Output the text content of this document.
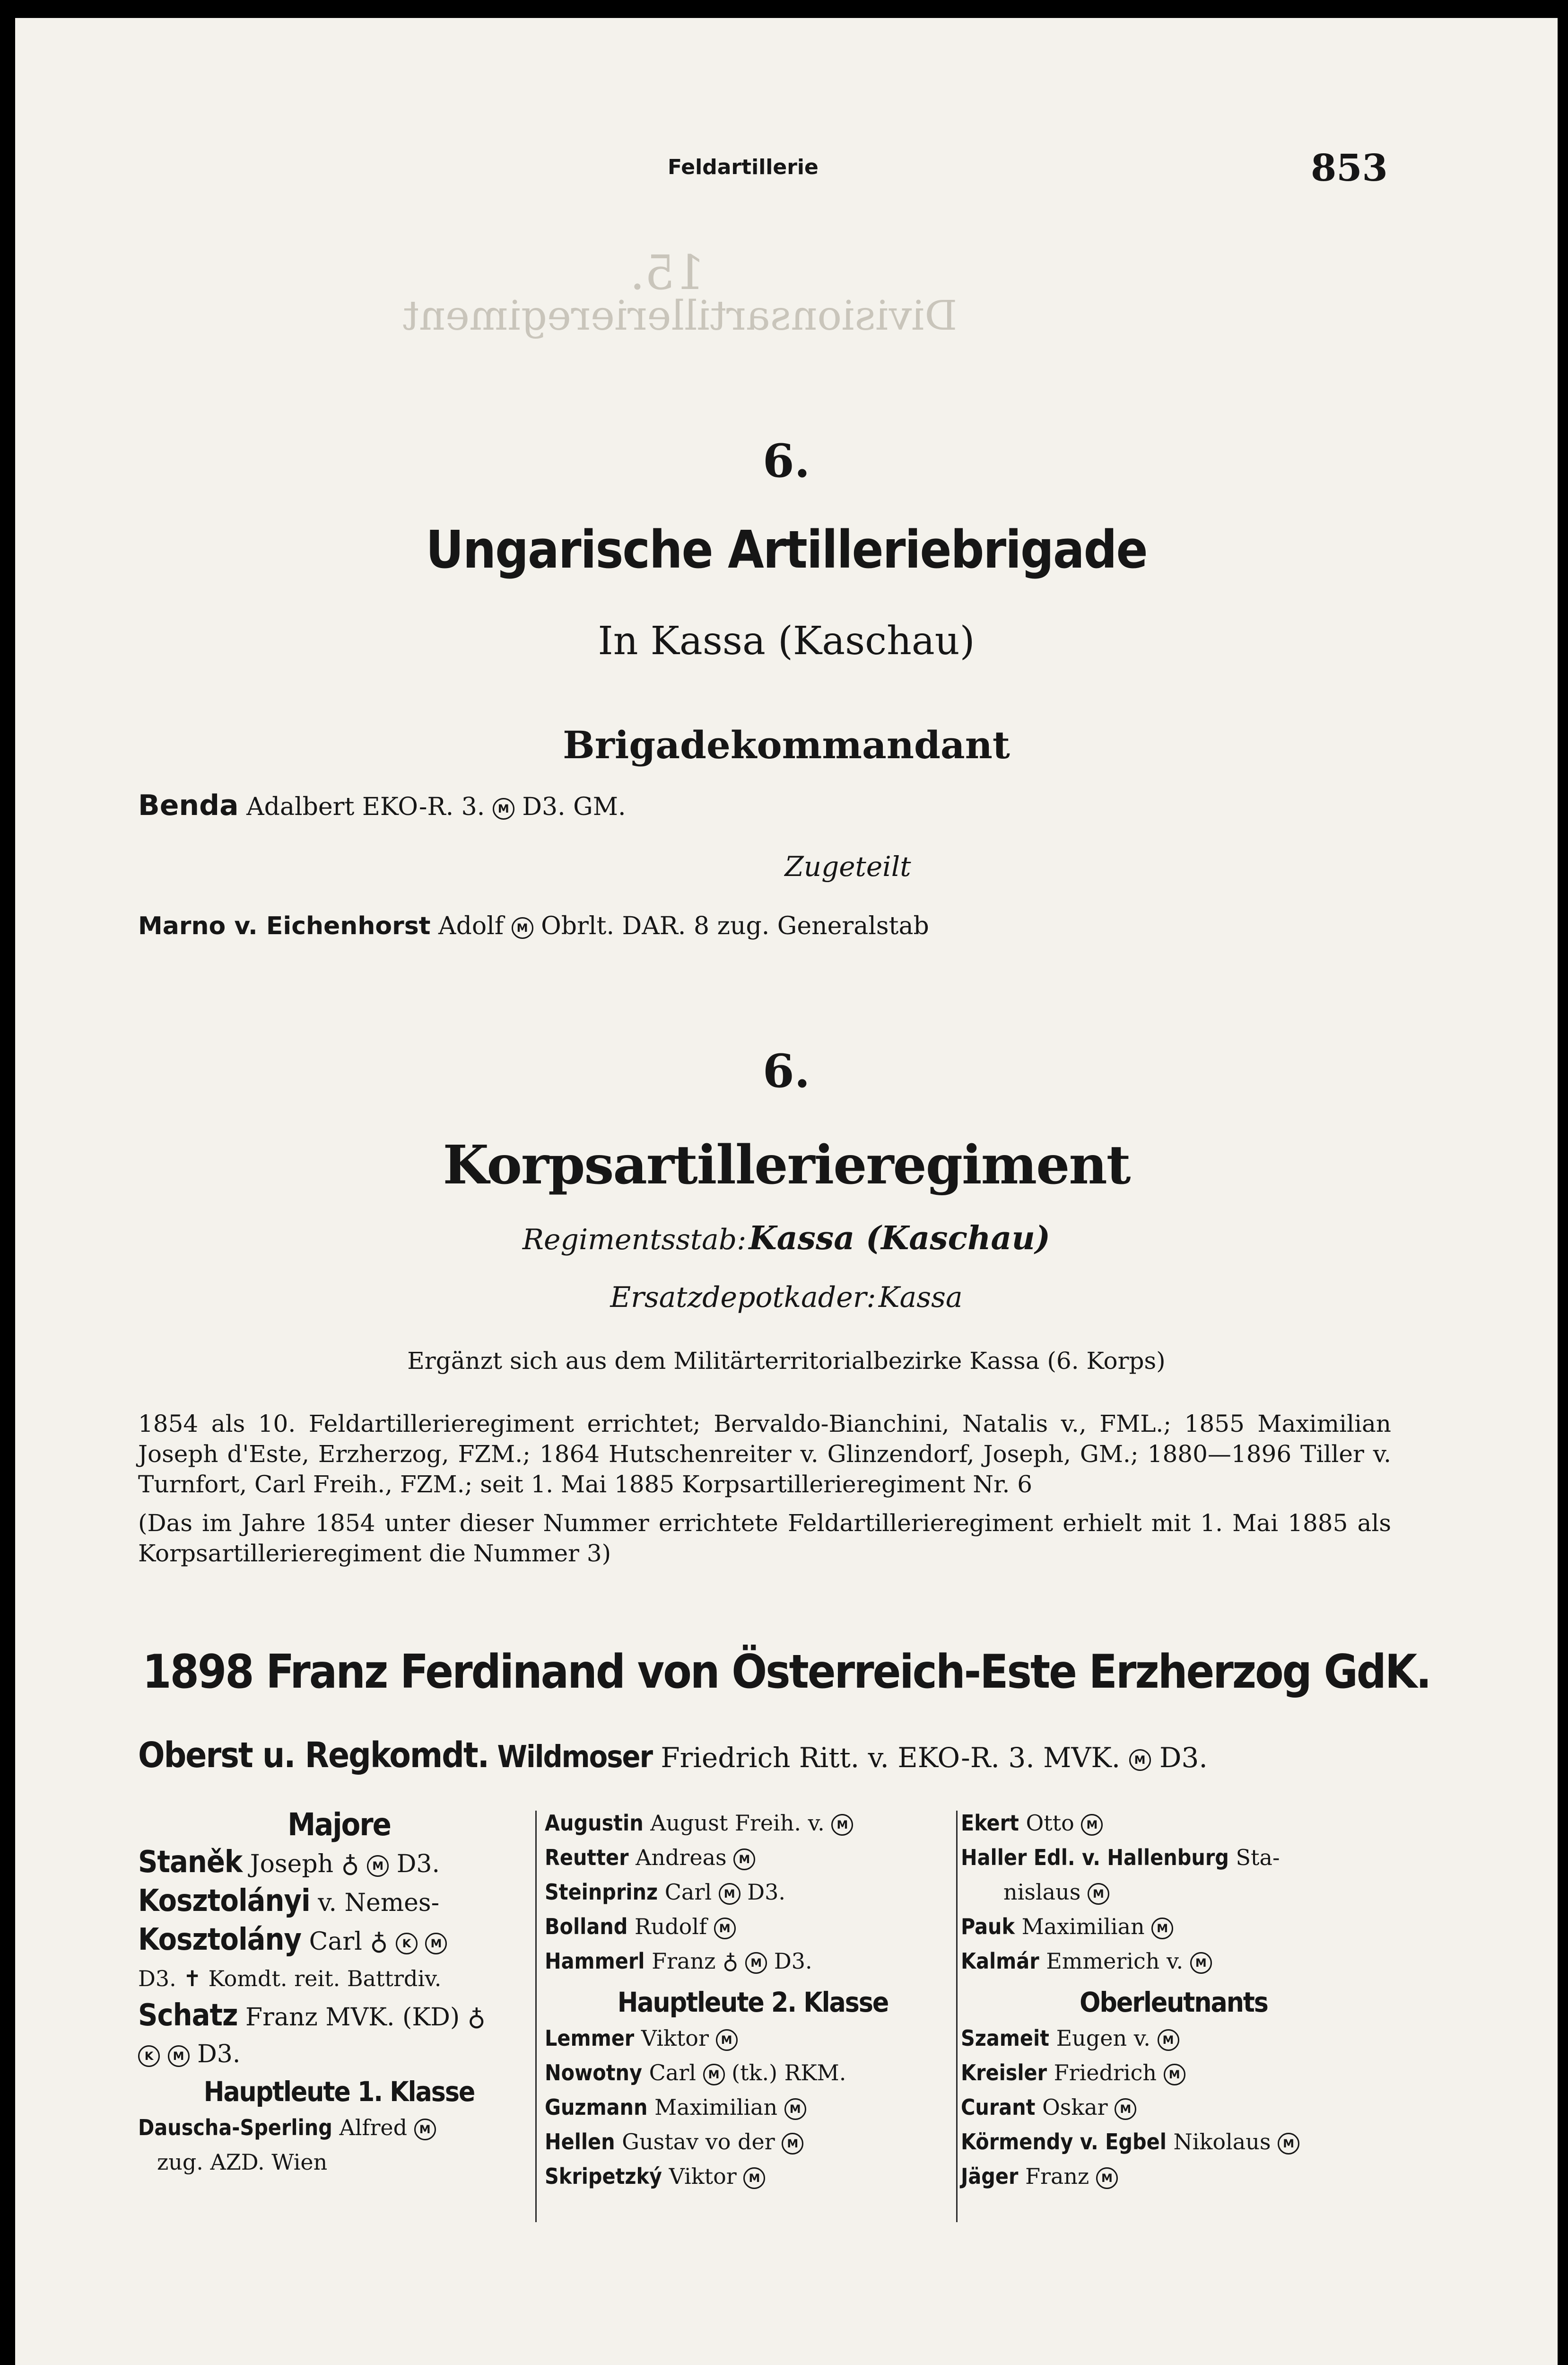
Divisionsartillerieregiment
15.
Feldartillerie	853
6.
Ungarische Artilleriebrigade
In Kassa (Kaschau)
Brigadekommandant
Benda Adalbert EKO-R. 3. M D3. GM.
Zugeteilt
Marno v. Eichenhorst Adolf M Obrlt. DAR. 8 zug. Generalstab
6.
Korpsartillerieregiment
Regimentsstab: Kassa (Kaschau)
Ersatzdepotkader: Kassa
Ergänzt sich aus dem Militärterritorialbezirke Kassa (6. Korps)
1854 als 10. Feldartillerieregiment errichtet; Bervaldo-Bianchini, Natalis v., FML.; 1855 Maximilian Joseph d'Este, Erzherzog, FZM.; 1864 Hutschenreiter v. Glinzendorf, Joseph, GM.; 1880—1896 Tiller v. Turnfort, Carl Freih., FZM.; seit 1. Mai 1885 Korpsartillerieregiment Nr. 6
(Das im Jahre 1854 unter dieser Nummer errichtete Feldartillerieregiment erhielt mit 1. Mai 1885 als Korpsartillerieregiment die Nummer 3)
1898 Franz Ferdinand von Österreich-Este Erzherzog GdK.
Oberst u. Regkomdt. Wildmoser Friedrich Ritt. v. EKO-R. 3. MVK. M D3.
Majore
Staněk Joseph ♁ M D3.
Kosztolányi v. Nemes-
Kosztolány Carl ♁ K M
D3. ✝ Komdt. reit. Battrdiv.
Schatz Franz MVK. (KD) ♁
K M D3.
Hauptleute 1. Klasse
Dauscha-Sperling Alfred M
zug. AZD. Wien
Augustin August Freih. v. M
Reutter Andreas M
Steinprinz Carl M D3.
Bolland Rudolf M
Hammerl Franz ♁ M D3.
Hauptleute 2. Klasse
Lemmer Viktor M
Nowotny Carl M (tk.) RKM.
Guzmann Maximilian M
Hellen Gustav vo der M
Skripetzký Viktor M
Ekert Otto M
Haller Edl. v. Hallenburg Sta-
nislaus M
Pauk Maximilian M
Kalmár Emmerich v. M
Oberleutnants
Szameit Eugen v. M
Kreisler Friedrich M
Curant Oskar M
Körmendy v. Egbel Nikolaus M
Jäger Franz M
